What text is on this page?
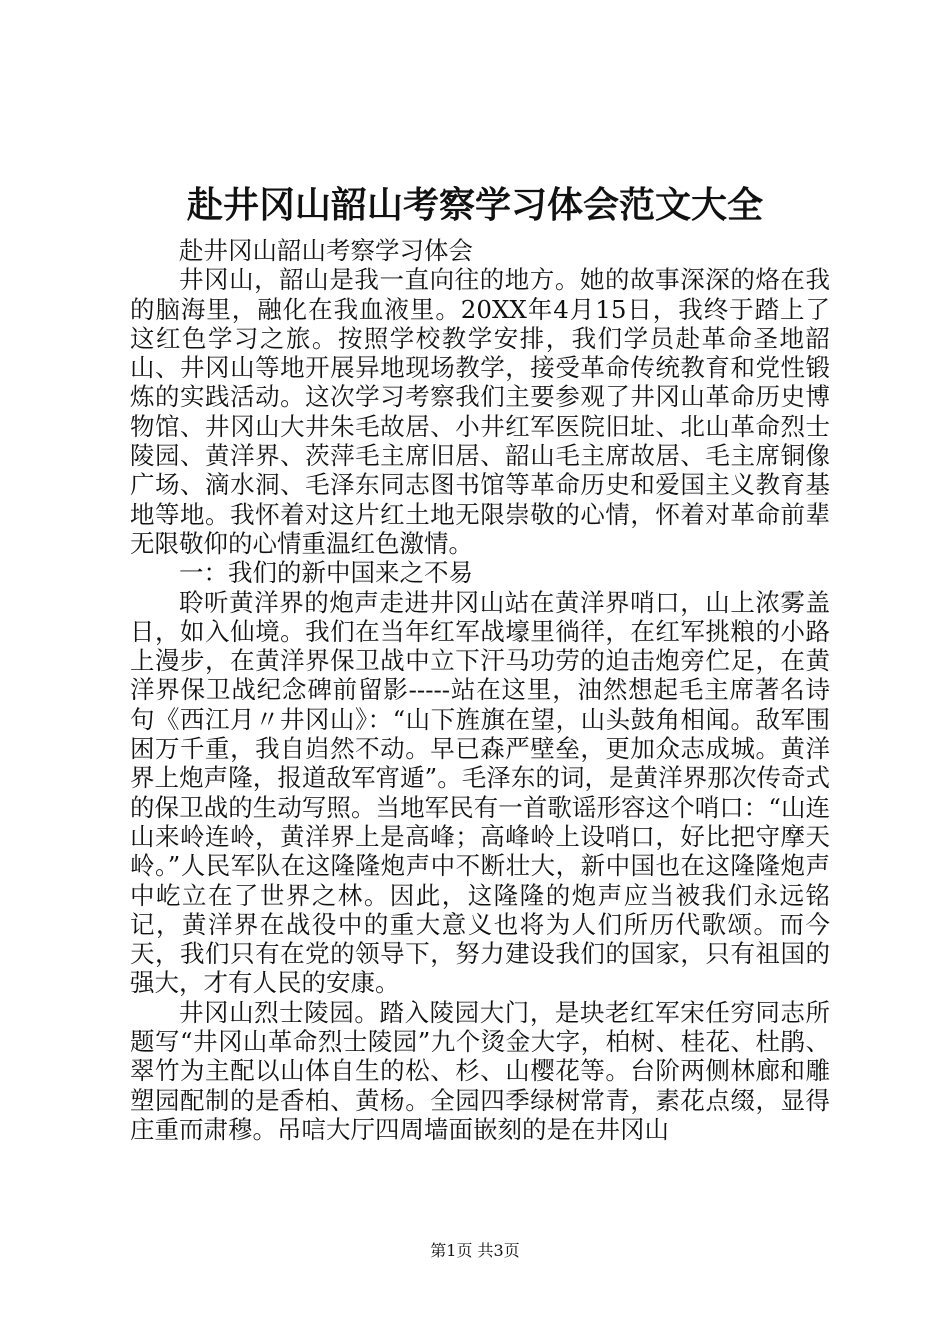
赴井冈山韶山考察学习体会范文大全

赴井冈山韶山考察学习体会

井冈山，韶山是我一直向往的地方。她的故事深深的烙在我的脑海里，融化在我血液里。20XX年4月15日，我终于踏上了这红色学习之旅。按照学校教学安排，我们学员赴革命圣地韶山、井冈山等地开展异地现场教学，接受革命传统教育和党性锻炼的实践活动。这次学习考察我们主要参观了井冈山革命历史博物馆、井冈山大井朱毛故居、小井红军医院旧址、北山革命烈士陵园、黄洋界、茨萍毛主席旧居、韶山毛主席故居、毛主席铜像广场、滴水洞、毛泽东同志图书馆等革命历史和爱国主义教育基地等地。我怀着对这片红土地无限崇敬的心情，怀着对革命前辈无限敬仰的心情重温红色激情。

一：我们的新中国来之不易

聆听黄洋界的炮声走进井冈山站在黄洋界哨口，山上浓雾盖日，如入仙境。我们在当年红军战壕里徜徉，在红军挑粮的小路上漫步，在黄洋界保卫战中立下汗马功劳的迫击炮旁伫足，在黄洋界保卫战纪念碑前留影-----站在这里，油然想起毛主席著名诗句《西江月〃井冈山》：“山下旌旗在望，山头鼓角相闻。敌军围困万千重，我自岿然不动。早已森严壁垒，更加众志成城。黄洋界上炮声隆，报道敌军宵遁”。毛泽东的词，是黄洋界那次传奇式的保卫战的生动写照。当地军民有一首歌谣形容这个哨口：“山连山来岭连岭，黄洋界上是高峰；高峰岭上设哨口，好比把守摩天岭。”人民军队在这隆隆炮声中不断壮大，新中国也在这隆隆炮声中屹立在了世界之林。因此，这隆隆的炮声应当被我们永远铭记，黄洋界在战役中的重大意义也将为人们所历代歌颂。而今天，我们只有在党的领导下，努力建设我们的国家，只有祖国的强大，才有人民的安康。

井冈山烈士陵园。踏入陵园大门，是块老红军宋任穷同志所题写“井冈山革命烈士陵园”九个烫金大字，柏树、桂花、杜鹃、翠竹为主配以山体自生的松、杉、山樱花等。台阶两侧林廊和雕塑园配制的是香柏、黄杨。全园四季绿树常青，素花点缀，显得庄重而肃穆。吊唁大厅四周墙面嵌刻的是在井冈山

第1页 共3页
